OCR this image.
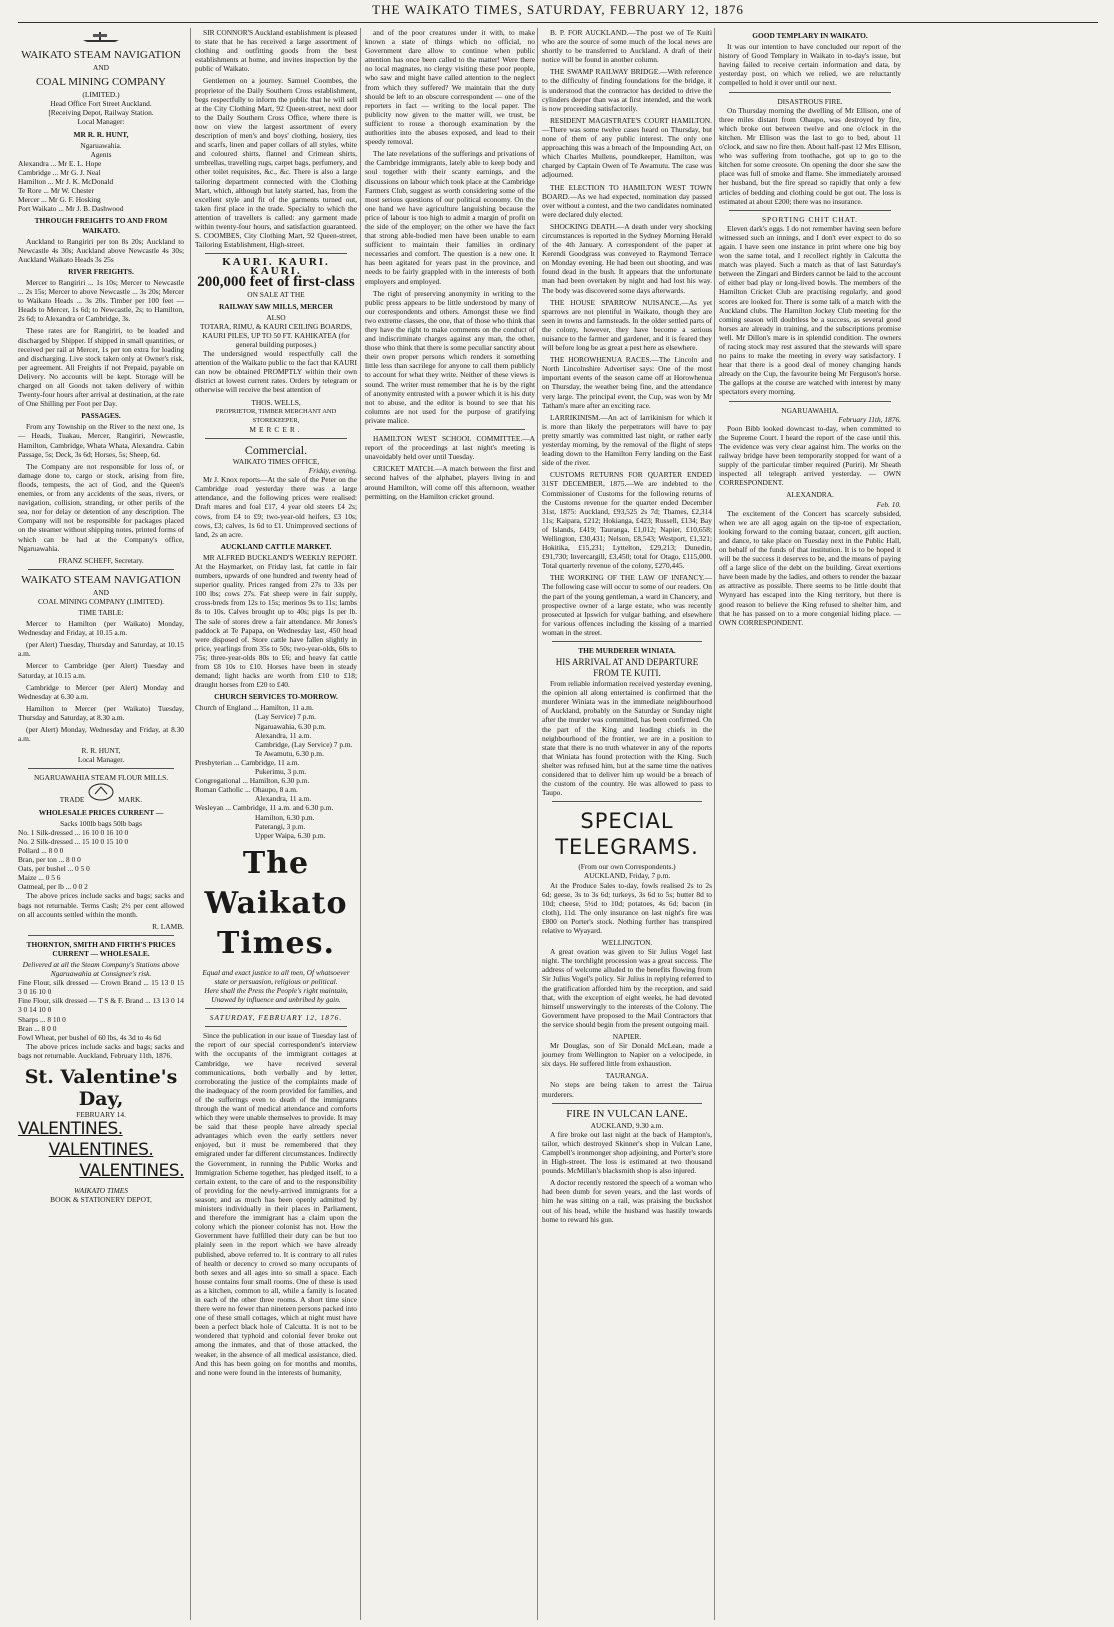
THE WAIKATO TIMES, SATURDAY, FEBRUARY 12, 1876
WAIKATO STEAM NAVIGATION
AND
COAL MINING COMPANY
(LIMITED.)
Head Office Fort Street Auckland.
[Receiving Depot, Railway Station.
Local Manager:
MR R. R. HUNT,
Ngaruawahia.
Agents
Alexandra ... Mr E. L. Hope
Cambridge ... Mr G. J. Neal
Hamilton ... Mr J. K. McDonald
Te Rore ... Mr W. Chester
Mercer ... Mr G. F. Hosking
Port Waikato ... Mr J. B. Dashwood
THROUGH FREIGHTS TO AND FROM WAIKATO.
Auckland to Rangiriri per ton 8s 20s; Auckland to Newcastle 4s 30s; Auckland above Newcastle 4s 30s; Auckland Waikato Heads 3s 25s
RIVER FREIGHTS.
Mercer to Rangiriri ... 1s 10s; Mercer to Newcastle ... 2s 15s; Mercer to above Newcastle ... 3s 20s; Mercer to Waikato Heads ... 3s 20s. Timber per 100 feet — Heads to Mercer, 1s 6d; to Newcastle, 2s; to Hamilton, 2s 6d; to Alexandra or Cambridge, 3s.
These rates are for Rangiriri, to be loaded and discharged by Shipper. If shipped in small quantities, or received per rail at Mercer, 1s per ton extra for loading and discharging. Live stock taken only at Owner's risk, per agreement. All Freights if not Prepaid, payable on Delivery. No accounts will be kept. Storage will be charged on all Goods not taken delivery of within Twenty-four hours after arrival at destination, at the rate of One Shilling per Foot per Day.
PASSAGES.
From any Township on the River to the next one, 1s — Heads, Tuakau, Mercer, Rangiriri, Newcastle, Hamilton, Cambridge, Whata Whata, Alexandra. Cabin Passage, 5s; Deck, 3s 6d; Horses, 5s; Sheep, 6d.
The Company are not responsible for loss of, or damage done to, cargo or stock, arising from fire, floods, tempests, the act of God, and the Queen's enemies, or from any accidents of the seas, rivers, or navigation, collision, stranding, or other perils of the sea, nor for delay or detention of any description. The Company will not be responsible for packages placed on the steamer without shipping notes, printed forms of which can be had at the Company's office, Ngaruawahia.
FRANZ SCHEFF, Secretary.
WAIKATO STEAM NAVIGATION
AND
COAL MINING COMPANY (LIMITED).
TIME TABLE:
Mercer to Hamilton (per Waikato) Monday, Wednesday and Friday, at 10.15 a.m.
(per Alert) Tuesday, Thursday and Saturday, at 10.15 a.m.
Mercer to Cambridge (per Alert) Tuesday and Saturday, at 10.15 a.m.
Cambridge to Mercer (per Alert) Monday and Wednesday at 6.30 a.m.
Hamilton to Mercer (per Waikato) Tuesday, Thursday and Saturday, at 8.30 a.m.
(per Alert) Monday, Wednesday and Friday, at 8.30 a.m.
R. R. HUNT,
Local Manager.
NGARUAWAHIA STEAM FLOUR MILLS.
TRADE	MARK.
WHOLESALE PRICES CURRENT —
Sacks 100lb bags 50lb bags
No. 1 Silk-dressed ... 16 10 0 16 10 0
No. 2 Silk-dressed ... 15 10 0 15 10 0
Pollard ... 8 0 0
Bran, per ton ... 8 0 0
Oats, per bushel ... 0 5 0
Maize ... 0 5 6
Oatmeal, per lb ... 0 0 2
The above prices include sacks and bags; sacks and bags not returnable. Terms Cash; 2½ per cent allowed on all accounts settled within the month.
R. LAMB.
THORNTON, SMITH AND FIRTH'S PRICES CURRENT — WHOLESALE.
Delivered at all the Steam Company's Stations above Ngaruawahia at Consignee's risk.
Fine Flour, silk dressed — Crown Brand ... 15 13 0 15 3 0 16 10 0
Fine Flour, silk dressed — T S & F. Brand ... 13 13 0 14 3 0 14 10 0
Sharps ... 8 10 0
Bran ... 8 0 0
Fowl Wheat, per bushel of 60 lbs, 4s 3d to 4s 6d
The above prices include sacks and bags; sacks and bags not returnable. Auckland, February 11th, 1876.
St. Valentine's Day,
FEBRUARY 14.
VALENTINES.
VALENTINES.
VALENTINES.
WAIKATO TIMES
BOOK & STATIONERY DEPOT,
SIR CONNOR'S Auckland establishment is pleased to state that he has received a large assortment of clothing and outfitting goods from the best establishments at home, and invites inspection by the public of Waikato.
Gentlemen on a journey. Samuel Coombes, the proprietor of the Daily Southern Cross establishment, begs respectfully to inform the public that he will sell at the City Clothing Mart, 92 Queen-street, next door to the Daily Southern Cross Office, where there is now on view the largest assortment of every description of men's and boys' clothing, hosiery, ties and scarfs, linen and paper collars of all styles, white and coloured shirts, flannel and Crimean shirts, umbrellas, travelling rugs, carpet bags, perfumery, and other toilet requisites, &c., &c. There is also a large tailoring department connected with the Clothing Mart, which, although but lately started, has, from the excellent style and fit of the garments turned out, taken first place in the trade. Specialty to which the attention of travellers is called: any garment made within twenty-four hours, and satisfaction guaranteed. S. COOMBES, City Clothing Mart, 92 Queen-street, Tailoring Establishment, High-street.
KAURI. KAURI. KAURI.
200,000 feet of first-class
ON SALE AT THE
RAILWAY SAW MILLS, MERCER
ALSO
TOTARA, RIMU, & KAURI CEILING BOARDS, KAURI PILES, UP TO 50 FT. KAHIKATEA (for general building purposes.)
The undersigned would respectfully call the attention of the Waikato public to the fact that KAURI can now be obtained PROMPTLY within their own district at lowest current rates. Orders by telegram or otherwise will receive the best attention of
THOS. WELLS,
PROPRIETOR, TIMBER MERCHANT AND STOREKEEPER,
MERCER.
Commercial.
WAIKATO TIMES OFFICE,
Friday, evening.
Mr J. Knox reports—At the sale of the Peter on the Cambridge road yesterday there was a large attendance, and the following prices were realised: Draft mares and foal £17, 4 year old steers £4 2s; cows, from £4 to £9; two-year-old heifers, £3 10s; cows, £3; calves, 1s 6d to £1. Unimproved sections of land, 2s an acre.
AUCKLAND CATTLE MARKET.
MR ALFRED BUCKLAND'S WEEKLY REPORT. At the Haymarket, on Friday last, fat cattle in fair numbers, upwards of one hundred and twenty head of superior quality. Prices ranged from 27s to 33s per 100 lbs; cows 27s. Fat sheep were in fair supply, cross-breds from 12s to 15s; merinos 9s to 11s; lambs 8s to 10s. Calves brought up to 40s; pigs 1s per lb. The sale of stores drew a fair attendance. Mr Jones's paddock at Te Papapa, on Wednesday last, 450 head were disposed of. Store cattle have fallen slightly in price, yearlings from 35s to 50s; two-year-olds, 60s to 75s; three-year-olds 80s to £6; and heavy fat cattle from £8 10s to £10. Horses have been in steady demand; light hacks are worth from £10 to £18; draught horses from £20 to £40.
CHURCH SERVICES TO-MORROW.
Church of England ... Hamilton, 11 a.m.
(Lay Service) 7 p.m.
Ngaruawahia, 6.30 p.m.
Alexandra, 11 a.m.
Cambridge, (Lay Service) 7 p.m.
Te Awamutu, 6.30 p.m.
Presbyterian ... Cambridge, 11 a.m.
Pukerimu, 3 p.m.
Congregational ... Hamilton, 6.30 p.m.
Roman Catholic ... Ohaupo, 8 a.m.
Alexandra, 11 a.m.
Wesleyan ... Cambridge, 11 a.m. and 6.30 p.m.
Hamilton, 6.30 p.m.
Paterangi, 3 p.m.
Upper Waipa, 6.30 p.m.
The Waikato Times.
Equal and exact justice to all men, Of whatsoever state or persuasion, religious or political.
Here shall the Press the People's right maintain, Unawed by influence and unbribed by gain.
SATURDAY, FEBRUARY 12, 1876.
Since the publication in our issue of Tuesday last of the report of our special correspondent's interview with the occupants of the immigrant cottages at Cambridge, we have received several communications, both verbally and by letter, corroborating the justice of the complaints made of the inadequacy of the room provided for families, and of the sufferings even to death of the immigrants through the want of medical attendance and comforts which they were unable themselves to provide. It may be said that these people have already special advantages which even the early settlers never enjoyed, but it must be remembered that they emigrated under far different circumstances. Indirectly the Government, in running the Public Works and Immigration Scheme together, has pledged itself, to a certain extent, to the care of and to the responsibility of providing for the newly-arrived immigrants for a season; and as much has been openly admitted by ministers individually in their places in Parliament, and therefore the immigrant has a claim upon the colony which the pioneer colonist has not. How the Government have fulfilled their duty can be but too plainly seen in the report which we have already published, above referred to. It is contrary to all rules of health or decency to crowd so many occupants of both sexes and all ages into so small a space. Each house contains four small rooms. One of these is used as a kitchen, common to all, while a family is located in each of the other three rooms. A short time since there were no fewer than nineteen persons packed into one of these small cottages, which at night must have been a perfect black hole of Calcutta. It is not to be wondered that typhoid and colonial fever broke out among the inmates, and that of those attacked, the weaker, in the absence of all medical assistance, died. And this has been going on for months and months, and none were found in the interests of humanity,
and of the poor creatures under it with, to make known a state of things which no official, no Government dare allow to continue when public attention has once been called to the matter! Were there no local magnates, no clergy visiting these poor people, who saw and might have called attention to the neglect from which they suffered? We maintain that the duty should be left to an obscure correspondent — one of the reporters in fact — writing to the local paper. The publicity now given to the matter will, we trust, be sufficient to rouse a thorough examination by the authorities into the abuses exposed, and lead to their speedy removal.
The late revelations of the sufferings and privations of the Cambridge immigrants, lately able to keep body and soul together with their scanty earnings, and the discussions on labour which took place at the Cambridge Farmers Club, suggest as worth considering some of the most serious questions of our political economy. On the one hand we have agriculture languishing because the price of labour is too high to admit a margin of profit on the side of the employer; on the other we have the fact that strong able-bodied men have been unable to earn sufficient to maintain their families in ordinary necessaries and comfort. The question is a new one. It has been agitated for years past in the province, and needs to be fairly grappled with in the interests of both employers and employed.
The right of preserving anonymity in writing to the public press appears to be little understood by many of our correspondents and others. Amongst these we find two extreme classes, the one, that of those who think that they have the right to make comments on the conduct of and indiscriminate charges against any man, the other, those who think that there is some peculiar sanctity about their own proper persons which renders it something little less than sacrilege for anyone to call them publicly to account for what they write. Neither of these views is sound. The writer must remember that he is by the right of anonymity entrusted with a power which it is his duty not to abuse, and the editor is bound to see that his columns are not used for the purpose of gratifying private malice.
HAMILTON WEST SCHOOL COMMITTEE.—A report of the proceedings at last night's meeting is unavoidably held over until Tuesday.
CRICKET MATCH.—A match between the first and second halves of the alphabet, players living in and around Hamilton, will come off this afternoon, weather permitting, on the Hamilton cricket ground.
B. P. FOR AUCKLAND.—The post we of Te Kuiti who are the source of some much of the local news are shortly to be transferred to Auckland. A draft of their notice will be found in another column.
THE SWAMP RAILWAY BRIDGE.—With reference to the difficulty of finding foundations for the bridge, it is understood that the contractor has decided to drive the cylinders deeper than was at first intended, and the work is now proceeding satisfactorily.
RESIDENT MAGISTRATE'S COURT HAMILTON.—There was some twelve cases heard on Thursday, but none of them of any public interest. The only one approaching this was a breach of the Impounding Act, on which Charles Mullens, poundkeeper, Hamilton, was charged by Captain Owen of Te Awamutu. The case was adjourned.
THE ELECTION TO HAMILTON WEST TOWN BOARD.—As we had expected, nomination day passed over without a contest, and the two candidates nominated were declared duly elected.
SHOCKING DEATH.—A death under very shocking circumstances is reported in the Sydney Morning Herald of the 4th January. A correspondent of the paper at Kerendi Goodgrass was conveyed to Raymond Terrace on Monday evening. He had been out shooting, and was found dead in the bush. It appears that the unfortunate man had been overtaken by night and had lost his way. The body was discovered some days afterwards.
THE HOUSE SPARROW NUISANCE.—As yet sparrows are not plentiful in Waikato, though they are seen in towns and farmsteads. In the older settled parts of the colony, however, they have become a serious nuisance to the farmer and gardener, and it is feared they will before long be as great a pest here as elsewhere.
THE HOROWHENUA RACES.—The Lincoln and North Lincolnshire Advertiser says: One of the most important events of the season came off at Horowhenua on Thursday, the weather being fine, and the attendance very large. The principal event, the Cup, was won by Mr Tatham's mare after an exciting race.
LARRIKINISM.—An act of larrikinism for which it is more than likely the perpetrators will have to pay pretty smartly was committed last night, or rather early yesterday morning, by the removal of the flight of steps leading down to the Hamilton Ferry landing on the East side of the river.
CUSTOMS RETURNS FOR QUARTER ENDED 31ST DECEMBER, 1875.—We are indebted to the Commissioner of Customs for the following returns of the Customs revenue for the quarter ended December 31st, 1875: Auckland, £93,525 2s 7d; Thames, £2,314 11s; Kaipara, £212; Hokianga, £423; Russell, £134; Bay of Islands, £419; Tauranga, £1,012; Napier, £10,658; Wellington, £30,431; Nelson, £8,543; Westport, £1,321; Hokitika, £15,231; Lyttelton, £29,213; Dunedin, £91,730; Invercargill, £3,450; total for Otago, £115,000. Total quarterly revenue of the colony, £270,445.
THE WORKING OF THE LAW OF INFANCY.—The following case will occur to some of our readers. On the part of the young gentleman, a ward in Chancery, and prospective owner of a large estate, who was recently prosecuted at Ipswich for vulgar bathing, and elsewhere for various offences including the kissing of a married woman in the street.
THE MURDERER WINIATA.
HIS ARRIVAL AT AND DEPARTURE FROM TE KUITI.
From reliable information received yesterday evening, the opinion all along entertained is confirmed that the murderer Winiata was in the immediate neighbourhood of Auckland, probably on the Saturday or Sunday night after the murder was committed, has been confirmed. On the part of the King and leading chiefs in the neighbourhood of the frontier, we are in a position to state that there is no truth whatever in any of the reports that Winiata has found protection with the King. Such shelter was refused him, but at the same time the natives considered that to deliver him up would be a breach of the custom of the country. He was allowed to pass to Taupo.
SPECIAL TELEGRAMS.
(From our own Correspondents.)
AUCKLAND, Friday, 7 p.m.
At the Produce Sales to-day, fowls realised 2s to 2s 6d; geese, 3s to 3s 6d; turkeys, 3s 6d to 5s; butter 8d to 10d; cheese, 5½d to 10d; potatoes, 4s 6d; bacon (in cloth), 11d. The only insurance on last night's fire was £800 on Porter's stock. Nothing further has transpired relative to Wyayard.
WELLINGTON.
A great ovation was given to Sir Julius Vogel last night. The torchlight procession was a great success. The address of welcome alluded to the benefits flowing from Sir Julius Vogel's policy. Sir Julius in replying referred to the gratification afforded him by the reception, and said that, with the exception of eight weeks, he had devoted himself unswervingly to the interests of the Colony. The Government have proposed to the Mail Contractors that the service should begin from the present outgoing mail.
NAPIER.
Mr Douglas, son of Sir Donald McLean, made a journey from Wellington to Napier on a velocipede, in six days. He suffered little from exhaustion.
TAURANGA.
No steps are being taken to arrest the Tairua murderers.
FIRE IN VULCAN LANE.
AUCKLAND, 9.30 a.m.
A fire broke out last night at the back of Hampton's, tailor, which destroyed Skinner's shop in Vulcan Lane, Campbell's ironmonger shop adjoining, and Porter's store in High-street. The loss is estimated at two thousand pounds. McMillan's blacksmith shop is also injured.
A doctor recently restored the speech of a woman who had been dumb for seven years, and the last words of him he was sitting on a rail, was praising the buckshot out of his head, while the husband was hastily towards home to reward his gun.
GOOD TEMPLARY IN WAIKATO.
It was our intention to have concluded our report of the history of Good Templary in Waikato in to-day's issue, but having failed to receive certain information and data, by yesterday post, on which we relied, we are reluctantly compelled to hold it over until our next.
DISASTROUS FIRE.
On Thursday morning the dwelling of Mr Ellison, one of three miles distant from Ohaupo, was destroyed by fire, which broke out between twelve and one o'clock in the kitchen. Mr Ellison was the last to go to bed, about 11 o'clock, and saw no fire then. About half-past 12 Mrs Ellison, who was suffering from toothache, got up to go to the kitchen for some creosote. On opening the door she saw the place was full of smoke and flame. She immediately aroused her husband, but the fire spread so rapidly that only a few articles of bedding and clothing could be got out. The loss is estimated at about £200; there was no insurance.
SPORTING CHIT CHAT.
Eleven dark's eggs. I do not remember having seen before witnessed such an innings, and I don't ever expect to do so again. I have seen one instance in print where one big boy won the same total, and I recollect rightly in Calcutta the match was played. Such a match as that of last Saturday's between the Zingari and Birders cannot be laid to the account of either bad play or long-lived bowls. The members of the Hamilton Cricket Club are practising regularly, and good scores are looked for. There is some talk of a match with the Auckland clubs. The Hamilton Jockey Club meeting for the coming season will doubtless be a success, as several good horses are already in training, and the subscriptions promise well. Mr Dillon's mare is in splendid condition. The owners of racing stock may rest assured that the stewards will spare no pains to make the meeting in every way satisfactory. I hear that there is a good deal of money changing hands already on the Cup, the favourite being Mr Ferguson's horse. The gallops at the course are watched with interest by many spectators every morning.
NGARUAWAHIA.
February 11th, 1876.
Poon Bibb looked downcast to-day, when committed to the Supreme Court. I heard the report of the case until this. The evidence was very clear against him. The works on the railway bridge have been temporarily stopped for want of a supply of the particular timber required (Puriri). Mr Sheath inspected all telegraph arrived yesterday. — OWN CORRESPONDENT.
ALEXANDRA.
Feb. 10.
The excitement of the Concert has scarcely subsided, when we are all agog again on the tip-toe of expectation, looking forward to the coming bazaar, concert, gift auction, and dance, to take place on Tuesday next in the Public Hall, on behalf of the funds of that institution. It is to be hoped it will be the success it deserves to be, and the means of paying off a large slice of the debt on the building. Great exertions have been made by the ladies, and others to render the bazaar as attractive as possible. There seems to be little doubt that Wynyard has escaped into the King territory, but there is good reason to believe the King refused to shelter him, and that he has passed on to a more congenial hiding place. — OWN CORRESPONDENT.
